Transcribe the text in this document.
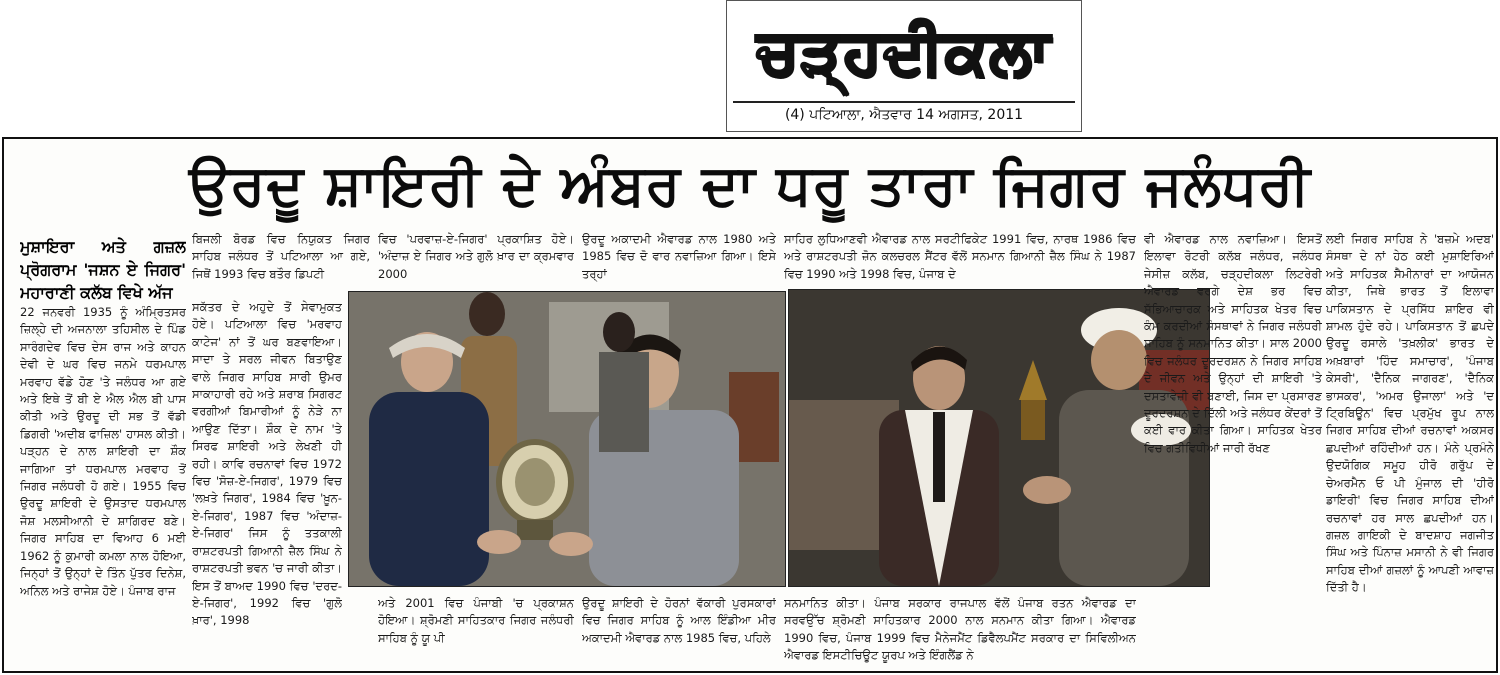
ਚੜ੍ਹਦੀਕਲਾ
(4) ਪਟਿਆਲਾ, ਐਤਵਾਰ 14 ਅਗਸਤ, 2011
ਉਰਦੂ ਸ਼ਾਇਰੀ ਦੇ ਅੰਬਰ ਦਾ ਧਰੂ ਤਾਰਾ ਜਿਗਰ ਜਲੰਧਰੀ

ਮੁਸ਼ਾਇਰਾ ਅਤੇ ਗਜ਼ਲ ਪ੍ਰੋਗਰਾਮ 'ਜਸ਼ਨ ਏ ਜਿਗਰ' ਮਹਾਰਾਣੀ ਕਲੱਬ ਵਿਖੇ ਅੱਜ

22 ਜਨਵਰੀ 1935 ਨੂੰ ਅੰਮ੍ਰਿਤਸਰ ਜ਼ਿਲ੍ਹੇ ਦੀ ਅਜਨਾਲਾ ਤਹਿਸੀਲ ਦੇ ਪਿੰਡ ਸਾਰੰਗਦੇਵ ਵਿਚ ਦੇਸ ਰਾਜ ਅਤੇ ਕਾਹਨ ਦੇਵੀ ਦੇ ਘਰ ਵਿਚ ਜਨਮੇ ਧਰਮਪਾਲ ਮਰਵਾਹ ਵੱਡੇ ਹੋਣ 'ਤੇ ਜਲੰਧਰ ਆ ਗਏ ਅਤੇ ਇਥੇ ਤੋਂ ਬੀ ਏ ਐਲ ਐਲ ਬੀ ਪਾਸ ਕੀਤੀ ਅਤੇ ਉਰਦੂ ਦੀ ਸਭ ਤੋਂ ਵੱਡੀ ਡਿਗਰੀ 'ਅਦੀਬ ਫਾਜ਼ਿਲ' ਹਾਸਲ ਕੀਤੀ। ਪੜ੍ਹਨ ਦੇ ਨਾਲ ਸ਼ਾਇਰੀ ਦਾ ਸ਼ੌਕ ਜਾਗਿਆ ਤਾਂ ਧਰਮਪਾਲ ਮਰਵਾਹ ਤੋਂ ਜਿਗਰ ਜਲੰਧਰੀ ਹੋ ਗਏ। 1955 ਵਿਚ ਉਰਦੂ ਸ਼ਾਇਰੀ ਦੇ ਉਸਤਾਦ ਧਰਮਪਾਲ ਜੋਸ਼ ਮਲਸੀਆਨੀ ਦੇ ਸ਼ਾਗਿਰਦ ਬਣੇ। ਜਿਗਰ ਸਾਹਿਬ ਦਾ ਵਿਆਹ 6 ਮਈ 1962 ਨੂੰ ਕੁਮਾਰੀ ਕਮਲਾ ਨਾਲ ਹੋਇਆ, ਜਿਨ੍ਹਾਂ ਤੋਂ ਉਨ੍ਹਾਂ ਦੇ ਤਿੰਨ ਪੁੱਤਰ ਦਿਨੇਸ਼, ਅਨਿਲ ਅਤੇ ਰਾਜੇਸ਼ ਹੋਏ। ਪੰਜਾਬ ਰਾਜ

ਬਿਜਲੀ ਬੋਰਡ ਵਿਚ ਨਿਯੁਕਤ ਜਿਗਰ ਸਾਹਿਬ ਜਲੰਧਰ ਤੋਂ ਪਟਿਆਲਾ ਆ ਗਏ, ਜਿਥੋਂ 1993 ਵਿਚ ਬਤੌਰ ਡਿਪਟੀ

ਵਿਚ 'ਪਰਵਾਜ਼-ਏ-ਜਿਗਰ' ਪ੍ਰਕਾਸ਼ਿਤ ਹੋਏ। 'ਅੰਦਾਜ਼ ਏ ਜਿਗਰ ਅਤੇ ਗੁਲੋ ਖ਼ਾਰ ਦਾ ਕ੍ਰਮਵਾਰ 2000

ਉਰਦੂ ਅਕਾਦਮੀ ਐਵਾਰਡ ਨਾਲ 1980 ਅਤੇ 1985 ਵਿਚ ਦੋ ਵਾਰ ਨਵਾਜ਼ਿਆ ਗਿਆ। ਇਸੇ ਤਰ੍ਹਾਂ

ਸਾਹਿਰ ਲੁਧਿਆਣਵੀ ਐਵਾਰਡ ਨਾਲ ਸਰਟੀਫਿਕੇਟ 1991 ਵਿਚ, ਨਾਰਥ 1986 ਵਿਚ ਅਤੇ ਰਾਸ਼ਟਰਪਤੀ ਜ਼ੋਨ ਕਲਚਰਲ ਸੈਂਟਰ ਵੱਲੋਂ ਸਨਮਾਨ ਗਿਆਨੀ ਜ਼ੈਲ ਸਿੰਘ ਨੇ 1987 ਵਿਚ 1990 ਅਤੇ 1998 ਵਿਚ, ਪੰਜਾਬ ਦੇ

ਅਤੇ 2001 ਵਿਚ ਪੰਜਾਬੀ 'ਚ ਪ੍ਰਕਾਸ਼ਨ ਹੋਇਆ। ਸ਼੍ਰੋਮਣੀ ਸਾਹਿਤਕਾਰ ਜਿਗਰ ਜਲੰਧਰੀ ਸਾਹਿਬ ਨੂੰ ਯੂ ਪੀ

ਉਰਦੂ ਸ਼ਾਇਰੀ ਦੇ ਹੋਰਨਾਂ ਵੱਕਾਰੀ ਪੁਰਸਕਾਰਾਂ ਵਿਚ ਜਿਗਰ ਸਾਹਿਬ ਨੂੰ ਆਲ ਇੰਡੀਆ ਮੀਰ ਅਕਾਦਮੀ ਐਵਾਰਡ ਨਾਲ 1985 ਵਿਚ, ਪਹਿਲੇ

ਸਨਮਾਨਿਤ ਕੀਤਾ। ਪੰਜਾਬ ਸਰਕਾਰ ਰਾਜਪਾਲ ਵੱਲੋਂ ਪੰਜਾਬ ਰਤਨ ਐਵਾਰਡ ਦਾ ਸਰਵਉੱਚ ਸ਼੍ਰੋਮਣੀ ਸਾਹਿਤਕਾਰ 2000 ਨਾਲ ਸਨਮਾਨ ਕੀਤਾ ਗਿਆ। ਐਵਾਰਡ 1990 ਵਿਚ, ਪੰਜਾਬ 1999 ਵਿਚ ਮੈਨੇਜਮੈਂਟ ਡਿਵੈਲਪਮੈਂਟ ਸਰਕਾਰ ਦਾ ਸਿਵਿਲੀਅਨ ਐਵਾਰਡ ਇਸਟੀਚਿਊਟ ਯੂਰਪ ਅਤੇ ਇੰਗਲੈਂਡ ਨੇ

ਸਕੱਤਰ ਦੇ ਅਹੁਦੇ ਤੋਂ ਸੇਵਾਮੁਕਤ ਹੋਏ। ਪਟਿਆਲਾ ਵਿਚ 'ਮਰਵਾਹ ਕਾਟੇਜ' ਨਾਂ ਤੋਂ ਘਰ ਬਣਵਾਇਆ। ਸਾਦਾ ਤੇ ਸਰਲ ਜੀਵਨ ਬਿਤਾਉਣ ਵਾਲੇ ਜਿਗਰ ਸਾਹਿਬ ਸਾਰੀ ਉਮਰ ਸਾਕਾਹਾਰੀ ਰਹੇ ਅਤੇ ਸ਼ਰਾਬ ਸਿਗਰਟ ਵਰਗੀਆਂ ਬਿਮਾਰੀਆਂ ਨੂੰ ਨੇੜੇ ਨਾ ਆਉਣ ਦਿੱਤਾ। ਸ਼ੌਕ ਦੇ ਨਾਮ 'ਤੇ ਸਿਰਫ ਸ਼ਾਇਰੀ ਅਤੇ ਲੇਖਣੀ ਹੀ ਰਹੀ। ਕਾਵਿ ਰਚਨਾਵਾਂ ਵਿਚ 1972 ਵਿਚ 'ਸੋਜ਼-ਏ-ਜਿਗਰ', 1979 ਵਿਚ 'ਲਖ਼ਤੇ ਜਿਗਰ', 1984 ਵਿਚ 'ਖ਼ੂਨ-ਏ-ਜਿਗਰ', 1987 ਵਿਚ 'ਅੰਦਾਜ਼-ਏ-ਜਿਗਰ' ਜਿਸ ਨੂੰ ਤਤਕਾਲੀ ਰਾਸ਼ਟਰਪਤੀ ਗਿਆਨੀ ਜ਼ੈਲ ਸਿੰਘ ਨੇ ਰਾਸ਼ਟਰਪਤੀ ਭਵਨ 'ਚ ਜਾਰੀ ਕੀਤਾ। ਇਸ ਤੋਂ ਬਾਅਦ 1990 ਵਿਚ 'ਦਰਦ-ਏ-ਜਿਗਰ', 1992 ਵਿਚ 'ਗੁਲੋ ਖ਼ਾਰ', 1998

ਵੀ ਐਵਾਰਡ ਨਾਲ ਨਵਾਜ਼ਿਆ। ਇਸਤੋਂ ਇਲਾਵਾ ਰੋਟਰੀ ਕਲੱਬ ਜਲੰਧਰ, ਜਲੰਧਰ ਜੇਸੀਜ਼ ਕਲੱਬ, ਚੜ੍ਹਦੀਕਲਾ ਲਿਟਰੇਰੀ ਐਵਾਰਡ ਵਰਗੇ ਦੇਸ਼ ਭਰ ਵਿਚ ਸੱਭਿਆਚਾਰਕ ਅਤੇ ਸਾਹਿਤਕ ਖੇਤਰ ਵਿਚ ਕੰਮ ਕਰਦੀਆਂ ਸੰਸਥਾਵਾਂ ਨੇ ਜਿਗਰ ਜਲੰਧਰੀ ਸਾਹਿਬ ਨੂੰ ਸਨਮਾਨਿਤ ਕੀਤਾ। ਸਾਲ 2000 ਵਿਚ ਜਲੰਧਰ ਦੂਰਦਰਸ਼ਨ ਨੇ ਜਿਗਰ ਸਾਹਿਬ ਦੇ ਜੀਵਨ ਅਤੇ ਉਨ੍ਹਾਂ ਦੀ ਸ਼ਾਇਰੀ 'ਤੇ ਦਸਤਾਵੇਜ਼ੀ ਵੀ ਬਣਾਈ, ਜਿਸ ਦਾ ਪ੍ਰਸਾਰਣ ਦੂਰਦਰਸ਼ਨ ਦੇ ਦਿੱਲੀ ਅਤੇ ਜਲੰਧਰ ਕੇਂਦਰਾਂ ਤੋਂ ਕਈ ਵਾਰ ਕੀਤਾ ਗਿਆ। ਸਾਹਿਤਕ ਖੇਤਰ ਵਿਚ ਗਤੀਵਿਧੀਆਂ ਜਾਰੀ ਰੱਖਣ

ਲਈ ਜਿਗਰ ਸਾਹਿਬ ਨੇ 'ਬਜ਼ਮੇ ਅਦਬ' ਸੰਸਥਾ ਦੇ ਨਾਂ ਹੇਠ ਕਈ ਮੁਸ਼ਾਇਰਿਆਂ ਅਤੇ ਸਾਹਿਤਕ ਸੈਮੀਨਾਰਾਂ ਦਾ ਆਯੋਜਨ ਕੀਤਾ, ਜਿਥੇ ਭਾਰਤ ਤੋਂ ਇਲਾਵਾ ਪਾਕਿਸਤਾਨ ਦੇ ਪ੍ਰਸਿੱਧ ਸ਼ਾਇਰ ਵੀ ਸ਼ਾਮਲ ਹੁੰਦੇ ਰਹੇ। ਪਾਕਿਸਤਾਨ ਤੋਂ ਛਪਦੇ ਉਰਦੂ ਰਸਾਲੇ 'ਤਖ਼ਲੀਕ' ਭਾਰਤ ਦੇ ਅਖ਼ਬਾਰਾਂ 'ਹਿੰਦ ਸਮਾਚਾਰ', 'ਪੰਜਾਬ ਕੇਸਰੀ', 'ਦੈਨਿਕ ਜਾਗਰਣ', 'ਦੈਨਿਕ ਭਾਸਕਰ', 'ਅਮਰ ਉਜਾਲਾ' ਅਤੇ 'ਦ ਟ੍ਰਿਬਿਊਨ' ਵਿਚ ਪ੍ਰਮੁੱਖ ਰੂਪ ਨਾਲ ਜਿਗਰ ਸਾਹਿਬ ਦੀਆਂ ਰਚਨਾਵਾਂ ਅਕਸਰ ਛਪਦੀਆਂ ਰਹਿੰਦੀਆਂ ਹਨ। ਮੰਨੇ ਪ੍ਰਮੰਨੇ ਉਦਯੋਗਿਕ ਸਮੂਹ ਹੀਰੋ ਗਰੁੱਪ ਦੇ ਚੇਅਰਮੈਨ ਓ ਪੀ ਮੁੰਜਾਲ ਦੀ 'ਹੀਰੋ ਡਾਇਰੀ' ਵਿਚ ਜਿਗਰ ਸਾਹਿਬ ਦੀਆਂ ਰਚਨਾਵਾਂ ਹਰ ਸਾਲ ਛਪਦੀਆਂ ਹਨ। ਗਜ਼ਲ ਗਾਇਕੀ ਦੇ ਬਾਦਸ਼ਾਹ ਜਗਜੀਤ ਸਿੰਘ ਅਤੇ ਪਿੰਨਾਜ਼ ਮਸਾਨੀ ਨੇ ਵੀ ਜਿਗਰ ਸਾਹਿਬ ਦੀਆਂ ਗਜ਼ਲਾਂ ਨੂੰ ਆਪਣੀ ਆਵਾਜ਼ ਦਿੱਤੀ ਹੈ।
